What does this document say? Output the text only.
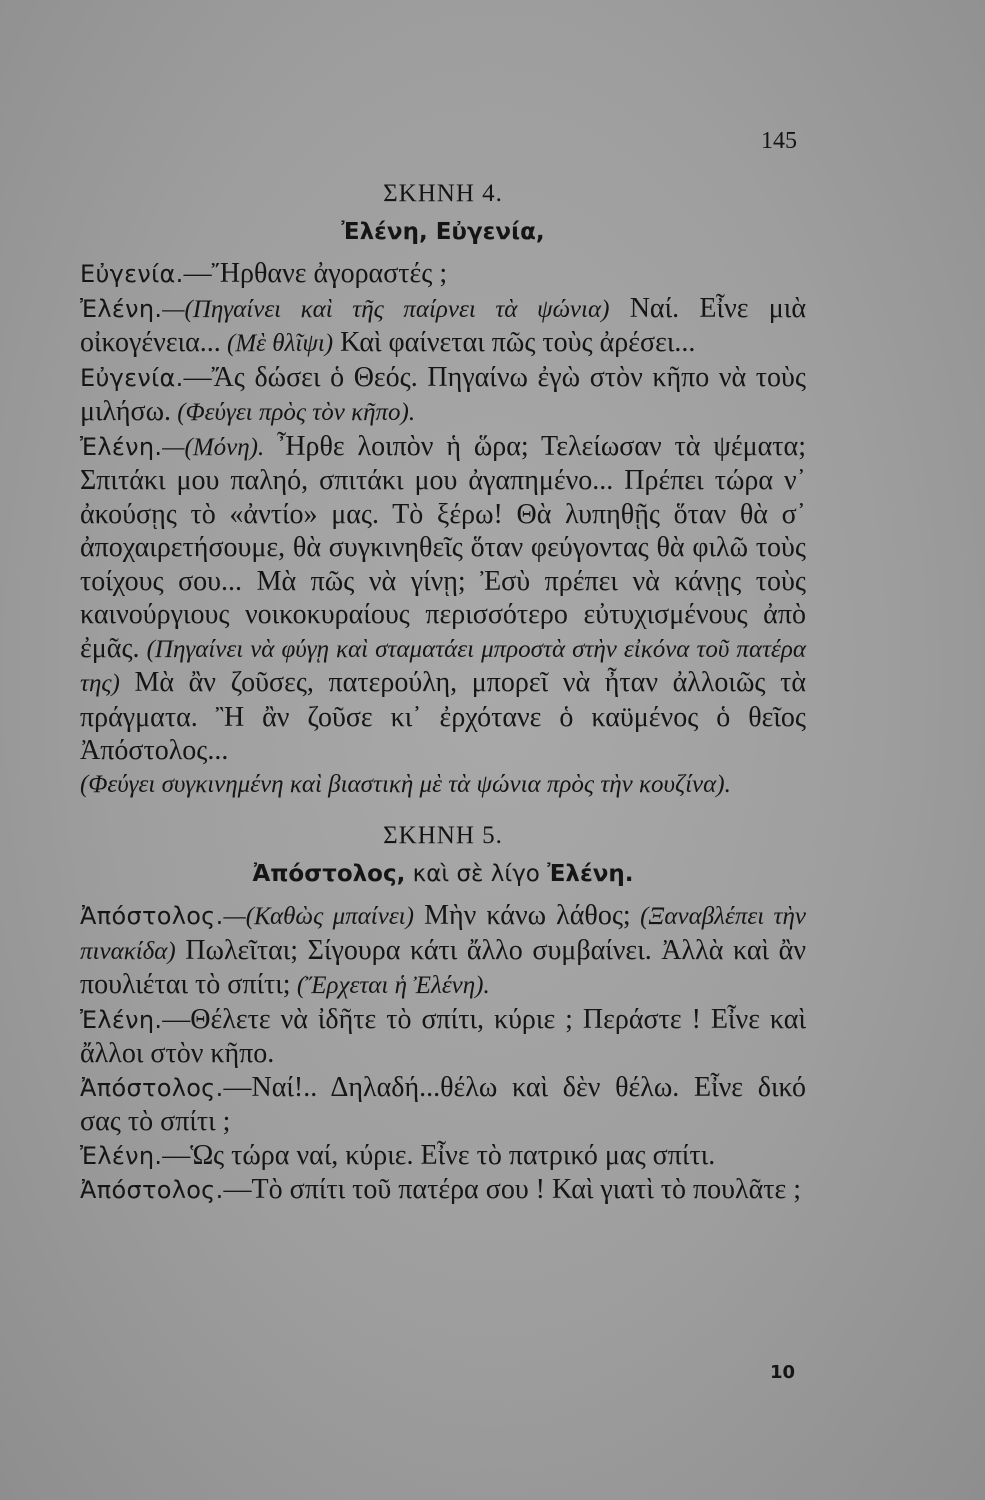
145

ΣΚΗΝΗ 4.

Ἐλένη, Εὐγενία,

Εὐγενία.—Ἤρθανε ἀγοραστές ;

Ἐλένη.—(Πηγαίνει καὶ τῆς παίρνει τὰ ψώνια) Ναί. Εἶνε μιὰ οἰκογένεια... (Μὲ θλῖψι) Καὶ φαίνεται πῶς τοὺς ἀρέσει...

Εὐγενία.—Ἄς δώσει ὁ Θεός. Πηγαίνω ἐγὼ στὸν κῆπο νὰ τοὺς μιλήσω. (Φεύγει πρὸς τὸν κῆπο).

Ἐλένη.—(Μόνη). Ἦρθε λοιπὸν ἡ ὥρα; Τελείωσαν τὰ ψέματα; Σπιτάκι μου παληό, σπιτάκι μου ἀγαπημένο... Πρέπει τώρα ν᾽ ἀκούσῃς τὸ «ἀντίο» μας. Τὸ ξέρω! Θὰ λυπηθῇς ὅταν θὰ σ᾽ ἀποχαιρετήσουμε, θὰ συγκινηθεῖς ὅταν φεύγοντας θὰ φιλῶ τοὺς τοίχους σου... Μὰ πῶς νὰ γίνῃ; Ἐσὺ πρέπει νὰ κάνῃς τοὺς καινούργιους νοικοκυραίους περισσότερο εὐτυχισμένους ἀπὸ ἐμᾶς. (Πηγαίνει νὰ φύγῃ καὶ σταματάει μπροστὰ στὴν εἰκόνα τοῦ πατέρα της) Μὰ ἂν ζοῦσες, πατερούλη, μπορεῖ νὰ ἦταν ἀλλοιῶς τὰ πράγματα. Ἢ ἂν ζοῦσε κι᾽ ἐρχότανε ὁ καϋμένος ὁ θεῖος Ἀπόστολος...
(Φεύγει συγκινημένη καὶ βιαστικὴ μὲ τὰ ψώνια πρὸς τὴν κουζίνα).

ΣΚΗΝΗ 5.

Ἀπόστολος, καὶ σὲ λίγο Ἐλένη.

Ἀπόστολος.—(Καθὼς μπαίνει) Μὴν κάνω λάθος; (Ξαναβλέπει τὴν πινακίδα) Πωλεῖται; Σίγουρα κάτι ἄλλο συμβαίνει. Ἀλλὰ καὶ ἂν πουλιέται τὸ σπίτι; (Ἔρχεται ἡ Ἐλένη).

Ἐλένη.—Θέλετε νὰ ἰδῆτε τὸ σπίτι, κύριε ; Περάστε ! Εἶνε καὶ ἄλλοι στὸν κῆπο.

Ἀπόστολος.—Ναί!.. Δηλαδή...θέλω καὶ δὲν θέλω. Εἶνε δικό σας τὸ σπίτι ;

Ἐλένη.—Ὡς τώρα ναί, κύριε. Εἶνε τὸ πατρικό μας σπίτι.

Ἀπόστολος.—Τὸ σπίτι τοῦ πατέρα σου ! Καὶ γιατὶ τὸ πουλᾶτε ;

10
